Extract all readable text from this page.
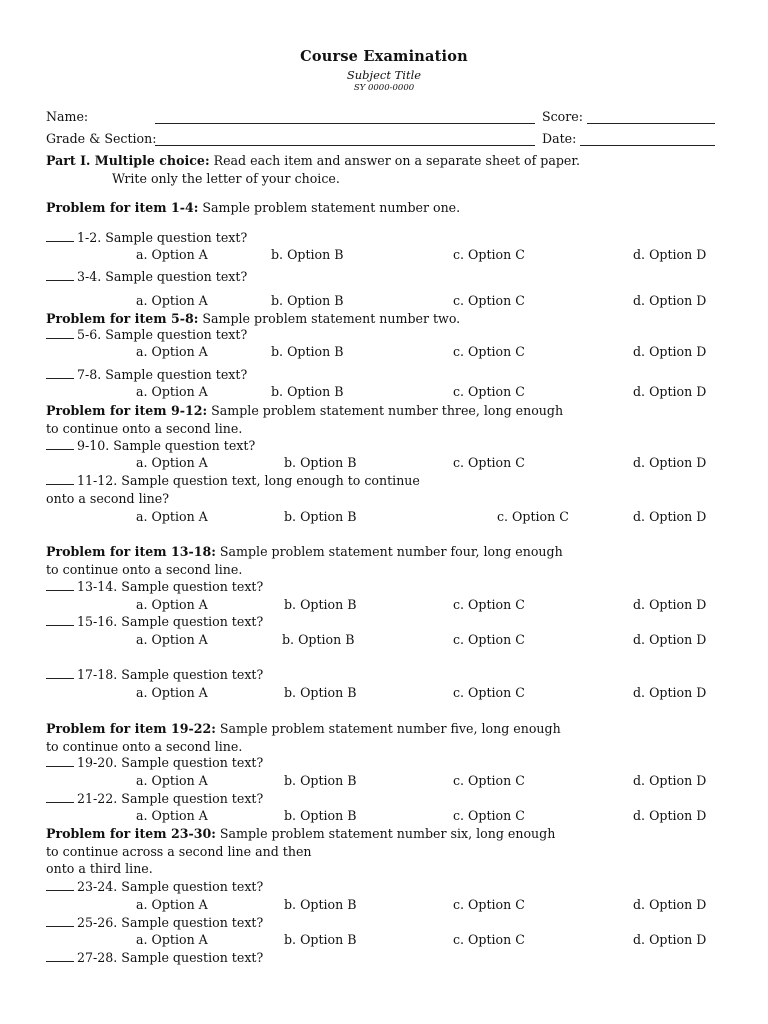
Course Examination
Subject Title
SY 0000-0000
Name:	Score:
Grade & Section:	Date:
Part I. Multiple choice: Read each item and answer on a separate sheet of paper.
Write only the letter of your choice.
Problem for item 1-4: Sample problem statement number one.
1-2. Sample question text?
a. Option A	b. Option B	c. Option C	d. Option D
3-4. Sample question text?
a. Option A	b. Option B	c. Option C	d. Option D
Problem for item 5-8: Sample problem statement number two.
5-6. Sample question text?
a. Option A	b. Option B	c. Option C	d. Option D
7-8. Sample question text?
a. Option A	b. Option B	c. Option C	d. Option D
Problem for item 9-12: Sample problem statement number three, long enough
to continue onto a second line.
9-10. Sample question text?
a. Option A	b. Option B	c. Option C	d. Option D
11-12. Sample question text, long enough to continue
onto a second line?
a. Option A	b. Option B	c. Option C	d. Option D
Problem for item 13-18: Sample problem statement number four, long enough
to continue onto a second line.
13-14. Sample question text?
a. Option A	b. Option B	c. Option C	d. Option D
15-16. Sample question text?
a. Option A	b. Option B	c. Option C	d. Option D
17-18. Sample question text?
a. Option A	b. Option B	c. Option C	d. Option D
Problem for item 19-22: Sample problem statement number five, long enough
to continue onto a second line.
19-20. Sample question text?
a. Option A	b. Option B	c. Option C	d. Option D
21-22. Sample question text?
a. Option A	b. Option B	c. Option C	d. Option D
Problem for item 23-30: Sample problem statement number six, long enough
to continue across a second line and then
onto a third line.
23-24. Sample question text?
a. Option A	b. Option B	c. Option C	d. Option D
25-26. Sample question text?
a. Option A	b. Option B	c. Option C	d. Option D
27-28. Sample question text?
